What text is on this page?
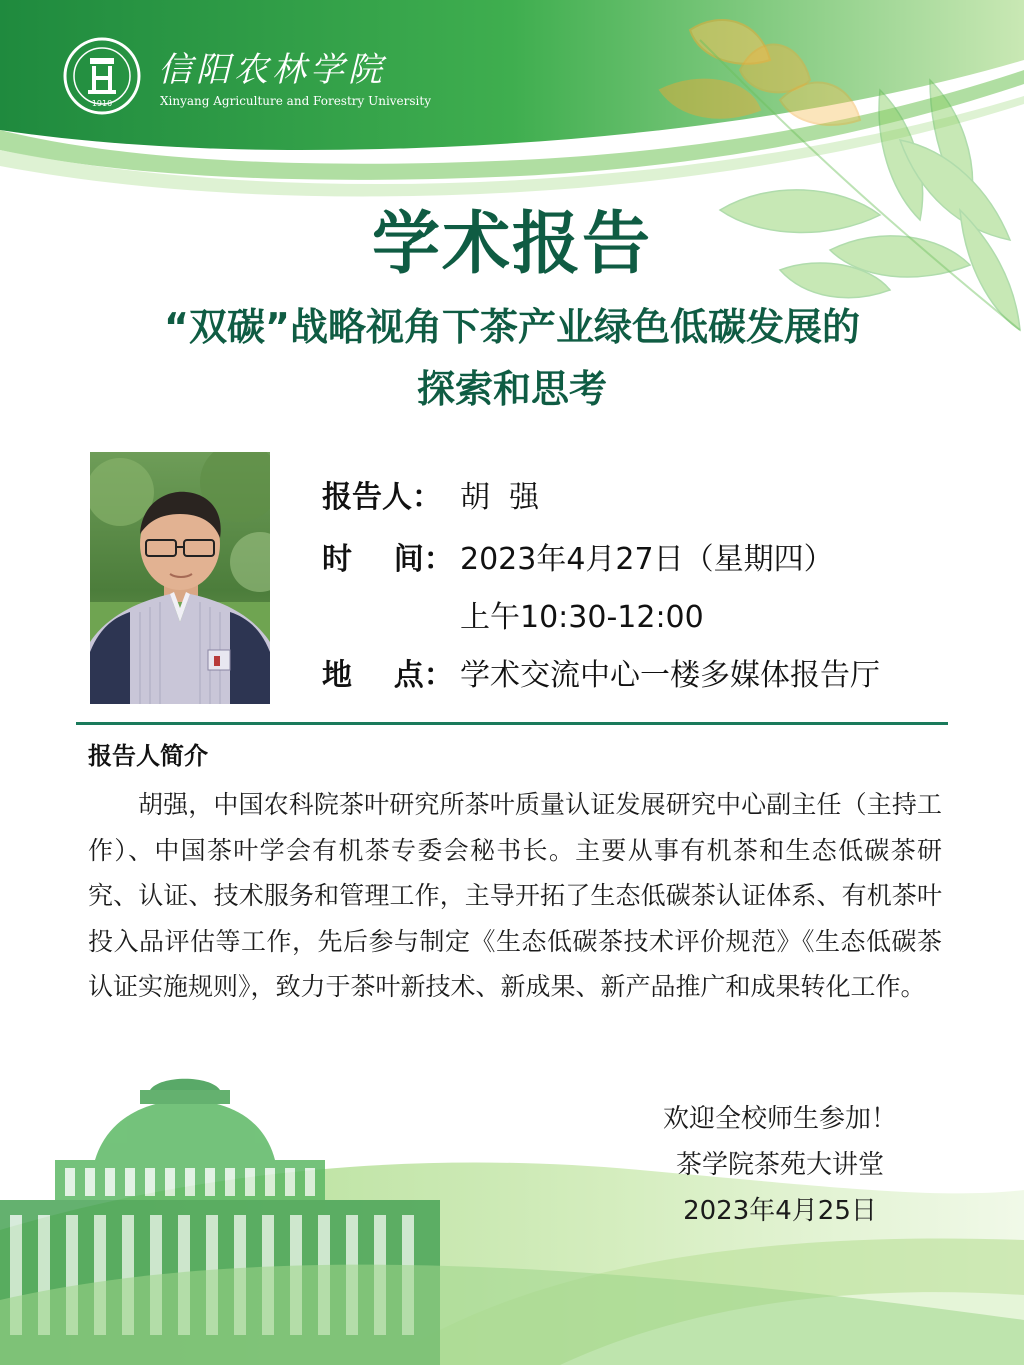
1910
信阳农林学院
Xinyang Agriculture and Forestry University
学术报告
“双碳”战略视角下茶产业绿色低碳发展的
探索和思考
报告人： 胡  强
时    间： 2023年4月27日（星期四）
上午10:30-12:00
地    点： 学术交流中心一楼多媒体报告厅
报告人简介
胡强，中国农科院茶叶研究所茶叶质量认证发展研究中心副主任（主持工作）、中国茶叶学会有机茶专委会秘书长。主要从事有机茶和生态低碳茶研究、认证、技术服务和管理工作，主导开拓了生态低碳茶认证体系、有机茶叶投入品评估等工作，先后参与制定《生态低碳茶技术评价规范》《生态低碳茶认证实施规则》，致力于茶叶新技术、新成果、新产品推广和成果转化工作。
欢迎全校师生参加！
茶学院茶苑大讲堂
2023年4月25日
